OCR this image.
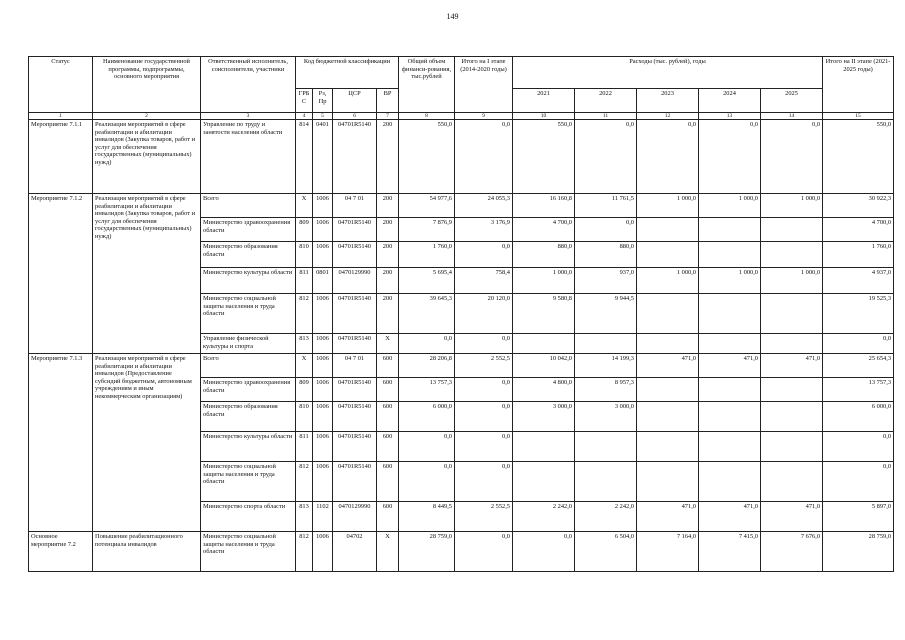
149
Статус	Наименование государственной программы, подпрограммы, основного мероприятия	Ответственный исполнитель, соисполнители, участники	Код бюджетной классификации				Общий объем финанси-рования, тыс.рублей	Итого на I этапе (2014-2020 годы)	Расходы (тыс. рублей), годы					Итого на II этапе (2021-2025 годы)
			ГРБ С	Рз, Пр	ЦСР	ВР			2021	2022	2023	2024	2025	
1	2	3	4	5	6	7	8	9	10	11	12	13	14	15
Мероприятие 7.1.1	Реализация мероприятий в сфере реабилитации и абилитации инвалидов (Закупка товаров, работ и услуг для обеспечения государственных (муниципальных) нужд)	Управление по труду и занятости населения области	814	0401	04701R5140	200	550,0	0,0	550,0	0,0	0,0	0,0	0,0	550,0
Мероприятие 7.1.2	Реализация мероприятий в сфере реабилитации и абилитации инвалидов (Закупка товаров, работ и услуг для обеспечения государственных (муниципальных) нужд)	Всего	Х	1006	04 7 01	200	54 977,6	24 055,3	16 160,8	11 761,5	1 000,0	1 000,0	1 000,0	30 922,3
		Министерство здравоохранения области	809	1006	04701R5140	200	7 876,9	3 176,9	4 700,0	0,0				4 700,0
		Министерство образования области	810	1006	04701R5140	200	1 760,0	0,0	880,0	880,0				1 760,0
		Министерство культуры области	811	0801	0470129990	200	5 695,4	758,4	1 000,0	937,0	1 000,0	1 000,0	1 000,0	4 937,0
		Министерство социальной защиты населения и труда области	812	1006	04701R5140	200	39 645,3	20 120,0	9 580,8	9 944,5				19 525,3
		Управление физической культуры и спорта	813	1006	04701R5140	Х	0,0	0,0						0,0
Мероприятие 7.1.3	Реализация мероприятий в сфере реабилитации и абилитации инвалидов (Предоставление субсидий бюджетным, автономным учреждениям и иным некоммерческим организациям)	Всего	Х	1006	04 7 01	600	28 206,8	2 552,5	10 042,0	14 199,3	471,0	471,0	471,0	25 654,3
		Министерство здравоохранения области	809	1006	04701R5140	600	13 757,3	0,0	4 800,0	8 957,3				13 757,3
		Министерство образования области	810	1006	04701R5140	600	6 000,0	0,0	3 000,0	3 000,0				6 000,0
		Министерство культуры области	811	1006	04701R5140	600	0,0	0,0						0,0
		Министерство социальной защиты населения и труда области	812	1006	04701R5140	600	0,0	0,0						0,0
		Министерство спорта области	813	1102	0470129990	600	8 449,5	2 552,5	2 242,0	2 242,0	471,0	471,0	471,0	5 897,0
Основное мероприятие 7.2	Повышение реабилитационного потенциала инвалидов	Министерство социальной защиты населения и труда области	812	1006	04702	Х	28 759,0	0,0	0,0	6 504,0	7 164,0	7 415,0	7 676,0	28 759,0
